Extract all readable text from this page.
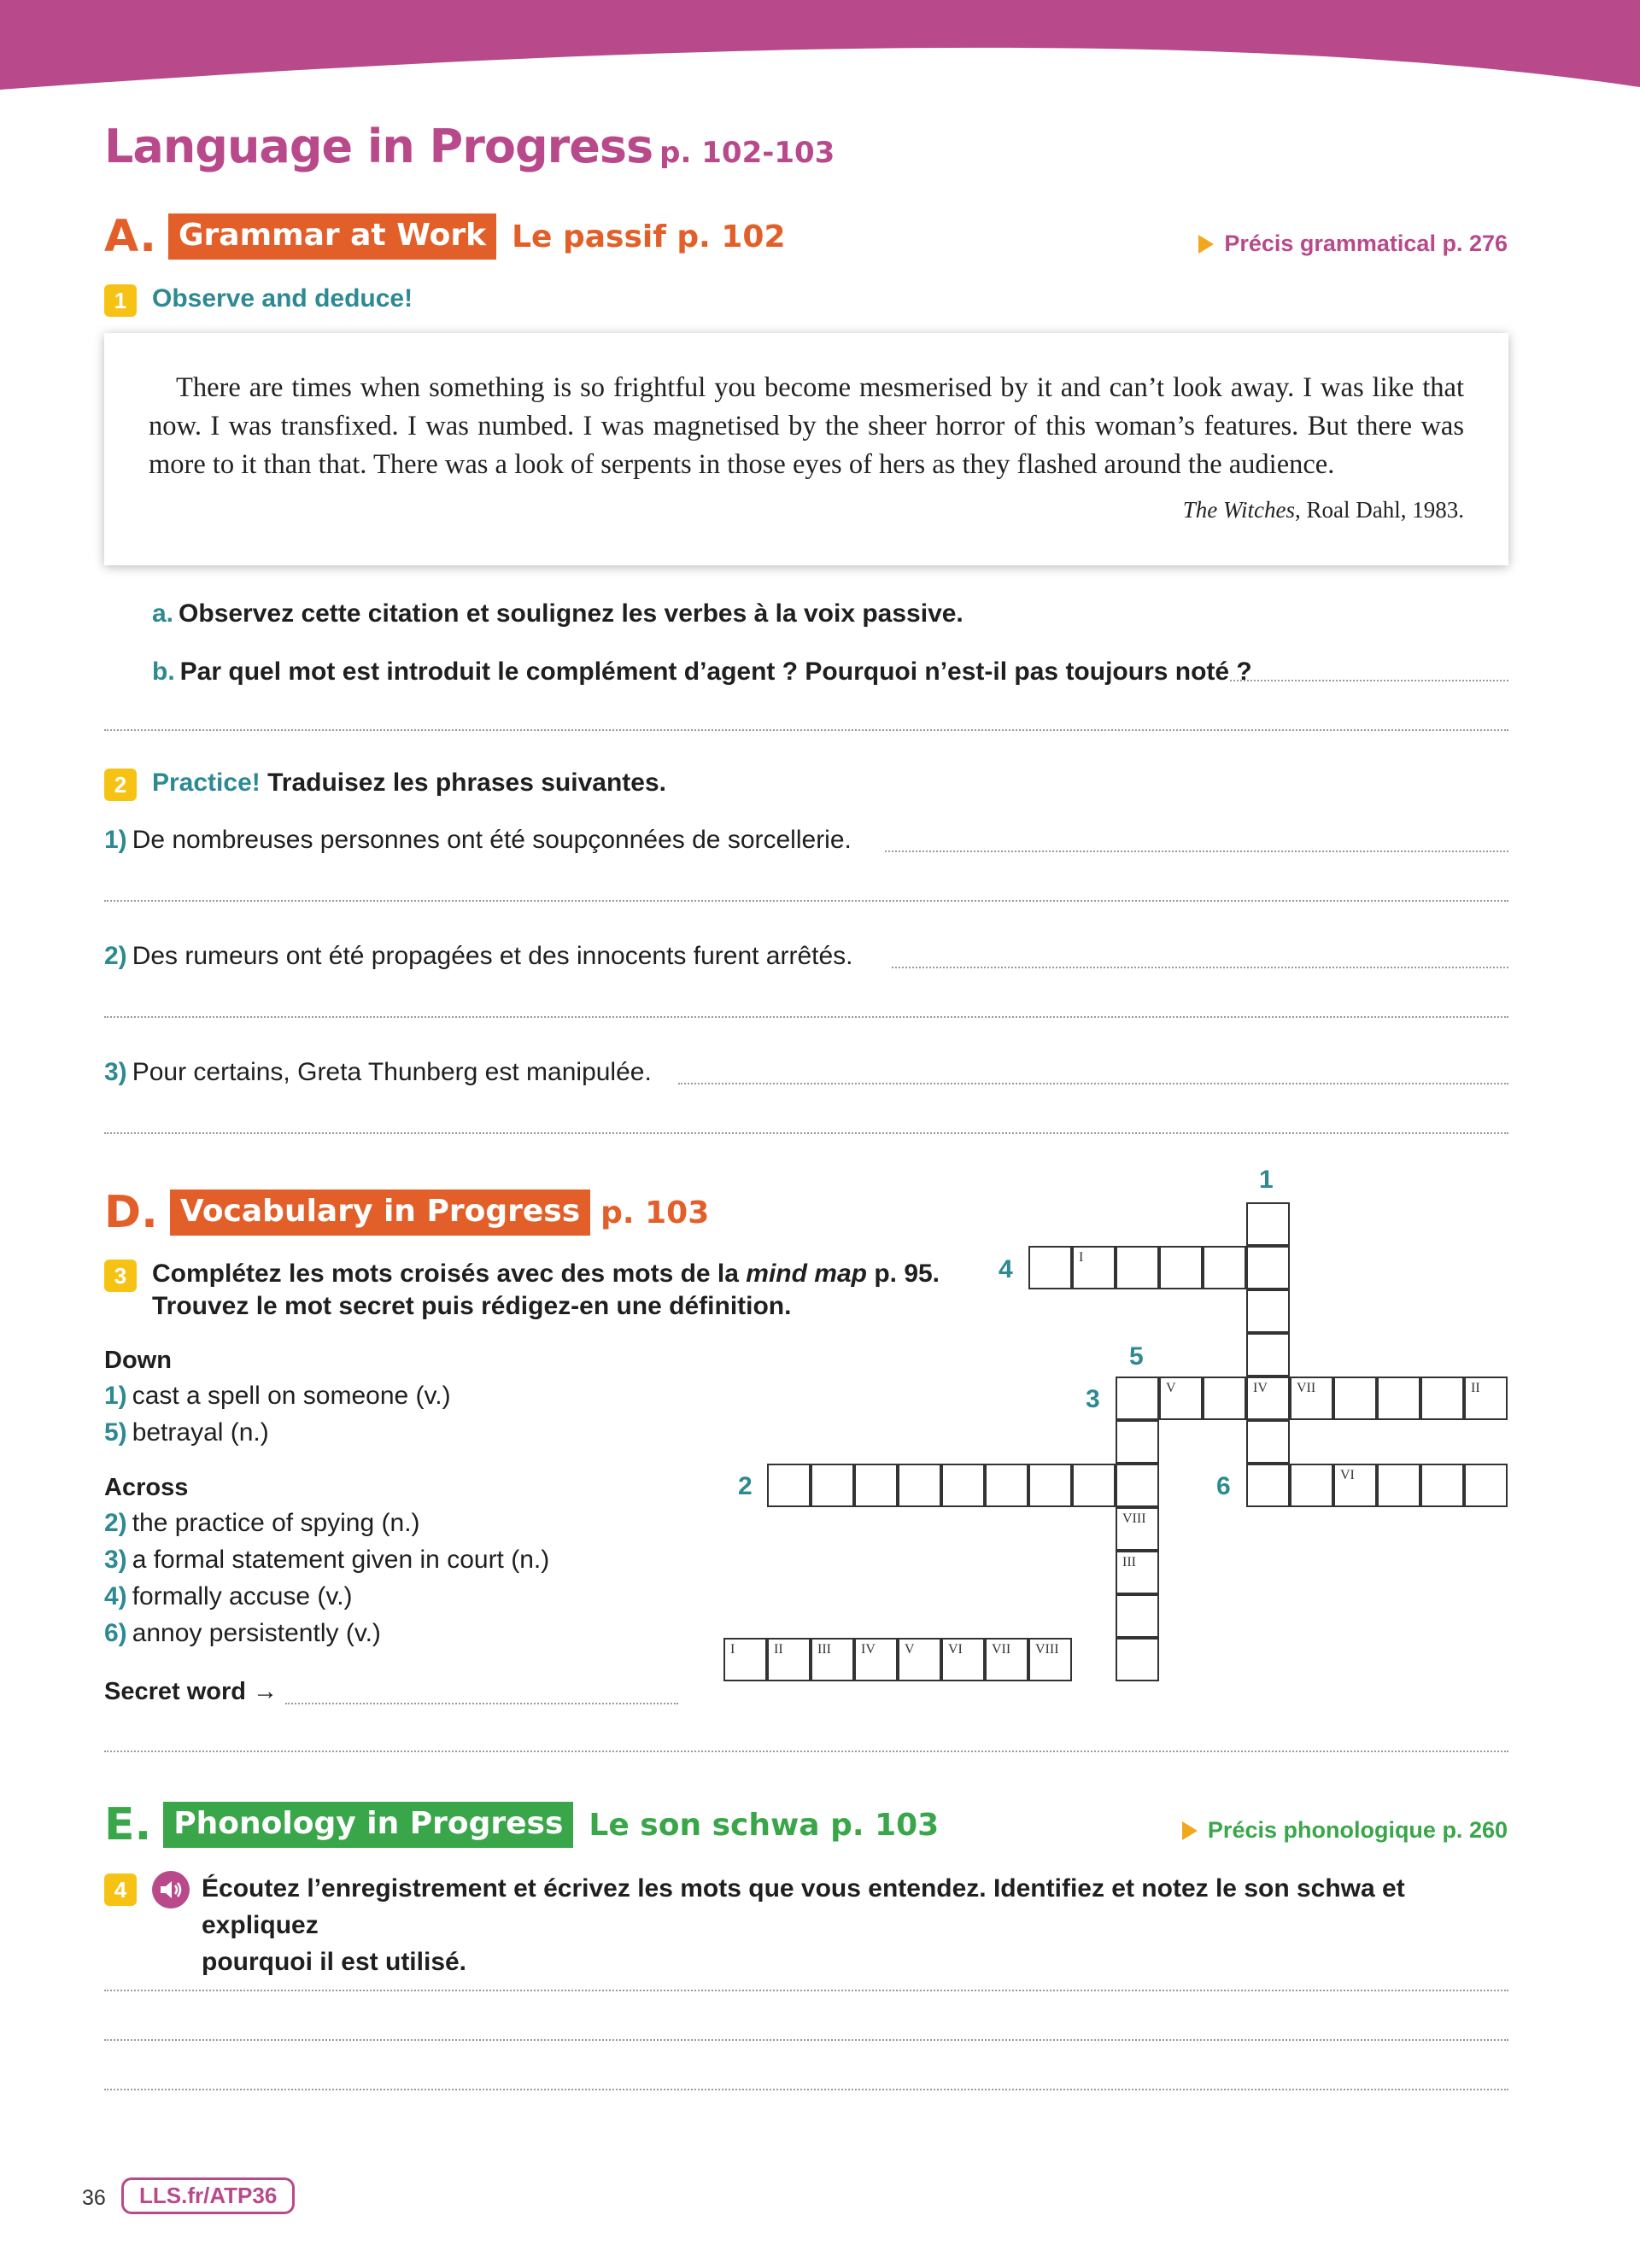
Language in Progress p. 102-103
A. Grammar at Work Le passif p. 102	Précis grammatical p. 276
1 Observe and deduce!

There are times when something is so frightful you become mesmerised by it and can’t look away. I was like that now. I was transfixed. I was numbed. I was magnetised by the sheer horror of this woman’s features. But there was more to it than that. There was a look of serpents in those eyes of hers as they flashed around the audience.

The Witches, Roal Dahl, 1983.
a. Observez cette citation et soulignez les verbes à la voix passive.
b. Par quel mot est introduit le complément d’agent ? Pourquoi n’est-il pas toujours noté ?
2 Practice!
Traduisez les phrases suivantes.
1) De nombreuses personnes ont été soupçonnées de sorcellerie.
2) Des rumeurs ont été propagées et des innocents furent arrêtés.
3) Pour certains, Greta Thunberg est manipulée.
D. Vocabulary in Progress p. 103
3 Complétez les mots croisés avec des mots de la mind map p. 95.
Trouvez le mot secret puis rédigez-en une définition.
Down
1) cast a spell on someone (v.)
5) betrayal (n.)
Across
2) the practice of spying (n.)
3) a formal statement given in court (n.)
4) formally accuse (v.)
6) annoy persistently (v.)
Secret word →
IV
I
V	VII	II
VIII
III
VI
I	II	III IV V VI VII VIII
1
2
3
4
5
6
E. Phonology in Progress Le son schwa p. 103	Précis phonologique p. 260
4	Écoutez l’enregistrement et écrivez les mots que vous entendez. Identifiez et notez le son schwa et expliquez
pourquoi il est utilisé.
36	LLS.fr/ATP36
